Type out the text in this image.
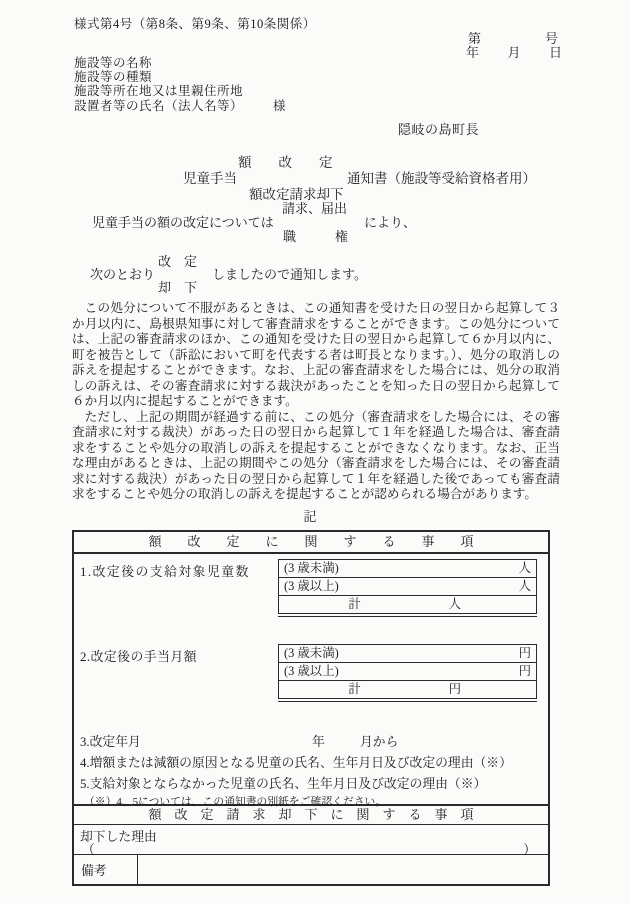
様式第4号（第8条、第9条、第10条関係）
第	号
年 月 日
施設等の名称
施設等の種類
施設等所在地又は里親住所地
設置者等の氏名（法人名等） 様
隠岐の島町長
額　　改　　定
児童手当	通知書（施設等受給資格者用）
額改定請求却下
児童手当の額の改定については
請求、届出
職　　　権
により、
改　定
次のとおり	しましたので通知します。
却　下

この処分について不服があるときは、この通知書を受けた日の翌日から起算して３か月以内に、島根県知事に対して審査請求をすることができます。この処分については、上記の審査請求のほか、この通知を受けた日の翌日から起算して６か月以内に、町を被告として（訴訟において町を代表する者は町長となります。）、処分の取消しの訴えを提起することができます。なお、上記の審査請求をした場合には、処分の取消しの訴えは、その審査請求に対する裁決があったことを知った日の翌日から起算して６か月以内に提起することができます。

ただし、上記の期間が経過する前に、この処分（審査請求をした場合には、その審査請求に対する裁決）があった日の翌日から起算して１年を経過した場合は、審査請求をすることや処分の取消しの訴えを提起することができなくなります。なお、正当な理由があるときは、上記の期間やこの処分（審査請求をした場合には、その審査請求に対する裁決）があった日の翌日から起算して１年を経過した後であっても審査請求をすることや処分の取消しの訴えを提起することが認められる場合があります。

記
額　　改　　定　　に　　関　　す　　る　　事　　項
1.改定後の支給対象児童数	(3 歳未満)	人
(3 歳以上)	人
計	人
2.改定後の手当月額	(3 歳未満)	円
(3 歳以上)	円
計	円
3.改定年月	年	月から
4.増額または減額の原因となる児童の氏名、生年月日及び改定の理由（※）
5.支給対象とならなかった児童の氏名、生年月日及び改定の理由（※）
（※）4、5については、この通知書の別紙をご確認ください。
額　改　定　請　求　却　下　に　関　す　る　事　項
却下した理由
（	）
備考
